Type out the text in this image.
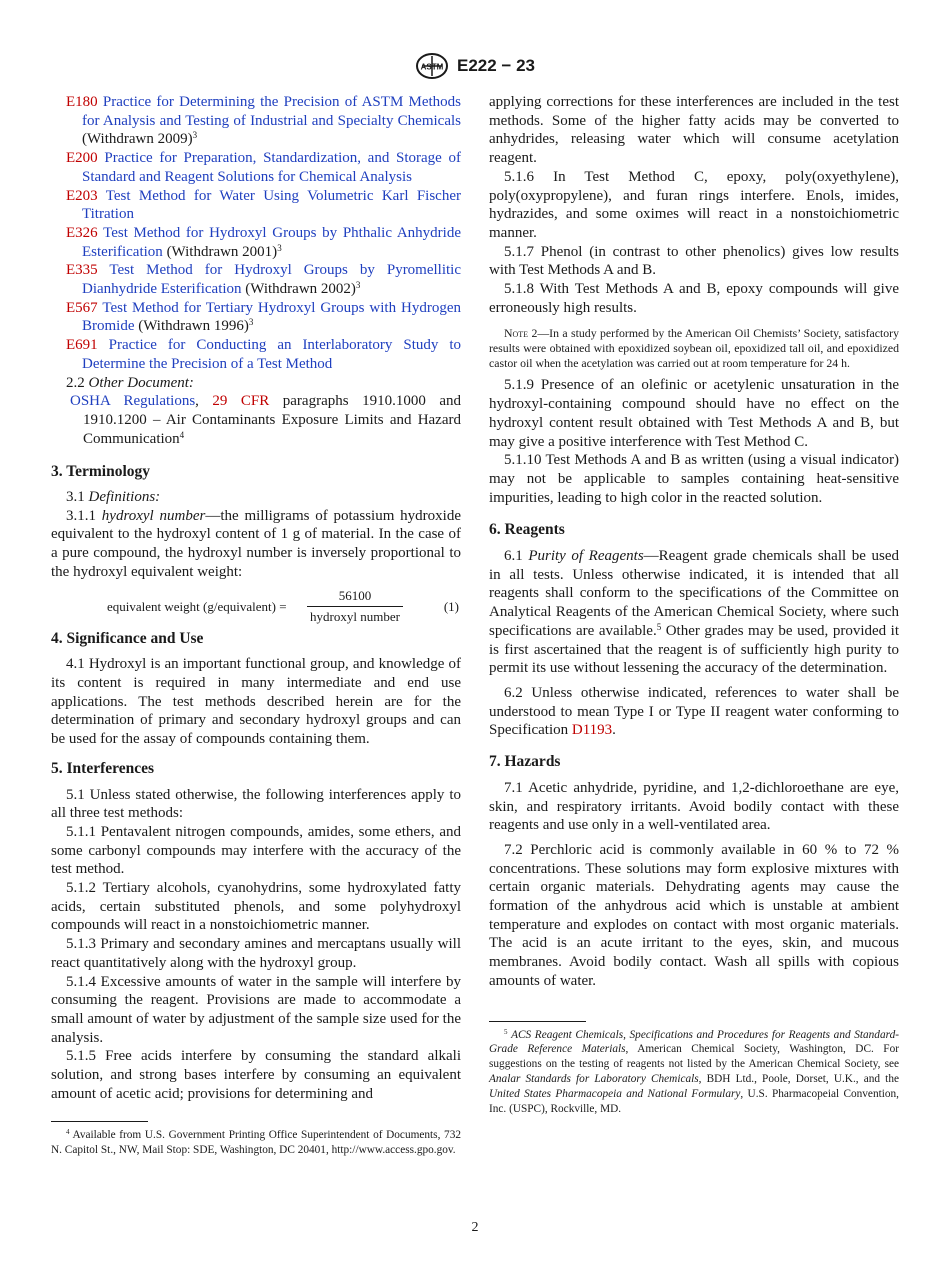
ASTM E222 − 23

E180 Practice for Determining the Precision of ASTM Methods for Analysis and Testing of Industrial and Specialty Chemicals (Withdrawn 2009)$^3$

E200 Practice for Preparation, Standardization, and Storage of Standard and Reagent Solutions for Chemical Analysis

E203 Test Method for Water Using Volumetric Karl Fischer Titration

E326 Test Method for Hydroxyl Groups by Phthalic Anhydride Esterification (Withdrawn 2001)$^3$

E335 Test Method for Hydroxyl Groups by Pyromellitic Dianhydride Esterification (Withdrawn 2002)$^3$

E567 Test Method for Tertiary Hydroxyl Groups with Hydrogen Bromide (Withdrawn 1996)$^3$

E691 Practice for Conducting an Interlaboratory Study to Determine the Precision of a Test Method

2.2 Other Document:

OSHA Regulations, 29 CFR paragraphs 1910.1000 and 1910.1200 – Air Contaminants Exposure Limits and Hazard Communication$^4$

3. Terminology

3.1 Definitions:

3.1.1 hydroxyl number—the milligrams of potassium hydroxide equivalent to the hydroxyl content of 1 g of material. In the case of a pure compound, the hydroxyl number is inversely proportional to the hydroxyl equivalent weight:

equivalent weight (g/equivalent) =
56100
hydroxyl number
(1)

4. Significance and Use

4.1 Hydroxyl is an important functional group, and knowledge of its content is required in many intermediate and end use applications. The test methods described herein are for the determination of primary and secondary hydroxyl groups and can be used for the assay of compounds containing them.

5. Interferences

5.1 Unless stated otherwise, the following interferences apply to all three test methods:

5.1.1 Pentavalent nitrogen compounds, amides, some ethers, and some carbonyl compounds may interfere with the accuracy of the test method.

5.1.2 Tertiary alcohols, cyanohydrins, some hydroxylated fatty acids, certain substituted phenols, and some polyhydroxyl compounds will react in a nonstoichiometric manner.

5.1.3 Primary and secondary amines and mercaptans usually will react quantitatively along with the hydroxyl group.

5.1.4 Excessive amounts of water in the sample will interfere by consuming the reagent. Provisions are made to accommodate a small amount of water by adjustment of the sample size used for the analysis.

5.1.5 Free acids interfere by consuming the standard alkali solution, and strong bases interfere by consuming an equivalent amount of acetic acid; provisions for determining and

$^4$ Available from U.S. Government Printing Office Superintendent of Documents, 732 N. Capitol St., NW, Mail Stop: SDE, Washington, DC 20401, http://www.access.gpo.gov.

applying corrections for these interferences are included in the test methods. Some of the higher fatty acids may be converted to anhydrides, releasing water which will consume acetylation reagent.

5.1.6 In Test Method C, epoxy, poly(oxyethylene), poly(oxypropylene), and furan rings interfere. Enols, imides, hydrazides, and some oximes will react in a nonstoichiometric manner.

5.1.7 Phenol (in contrast to other phenolics) gives low results with Test Methods A and B.

5.1.8 With Test Methods A and B, epoxy compounds will give erroneously high results.

Note 2—In a study performed by the American Oil Chemists’ Society, satisfactory results were obtained with epoxidized soybean oil, epoxidized tall oil, and epoxidized castor oil when the acetylation was carried out at room temperature for 24 h.

5.1.9 Presence of an olefinic or acetylenic unsaturation in the hydroxyl-containing compound should have no effect on the hydroxyl content result obtained with Test Methods A and B, but may give a positive interference with Test Method C.

5.1.10 Test Methods A and B as written (using a visual indicator) may not be applicable to samples containing heat-sensitive impurities, leading to high color in the reacted solution.

6. Reagents

6.1 Purity of Reagents—Reagent grade chemicals shall be used in all tests. Unless otherwise indicated, it is intended that all reagents shall conform to the specifications of the Committee on Analytical Reagents of the American Chemical Society, where such specifications are available.$^5$ Other grades may be used, provided it is first ascertained that the reagent is of sufficiently high purity to permit its use without lessening the accuracy of the determination.

6.2 Unless otherwise indicated, references to water shall be understood to mean Type I or Type II reagent water conforming to Specification D1193.

7. Hazards

7.1 Acetic anhydride, pyridine, and 1,2-dichloroethane are eye, skin, and respiratory irritants. Avoid bodily contact with these reagents and use only in a well-ventilated area.

7.2 Perchloric acid is commonly available in 60 % to 72 % concentrations. These solutions may form explosive mixtures with certain organic materials. Dehydrating agents may cause the formation of the anhydrous acid which is unstable at ambient temperature and explodes on contact with most organic materials. The acid is an acute irritant to the eyes, skin, and mucous membranes. Avoid bodily contact. Wash all spills with copious amounts of water.

$^5$ ACS Reagent Chemicals, Specifications and Procedures for Reagents and Standard-Grade Reference Materials, American Chemical Society, Washington, DC. For suggestions on the testing of reagents not listed by the American Chemical Society, see Analar Standards for Laboratory Chemicals, BDH Ltd., Poole, Dorset, U.K., and the United States Pharmacopeia and National Formulary, U.S. Pharmacopeial Convention, Inc. (USPC), Rockville, MD.

2
